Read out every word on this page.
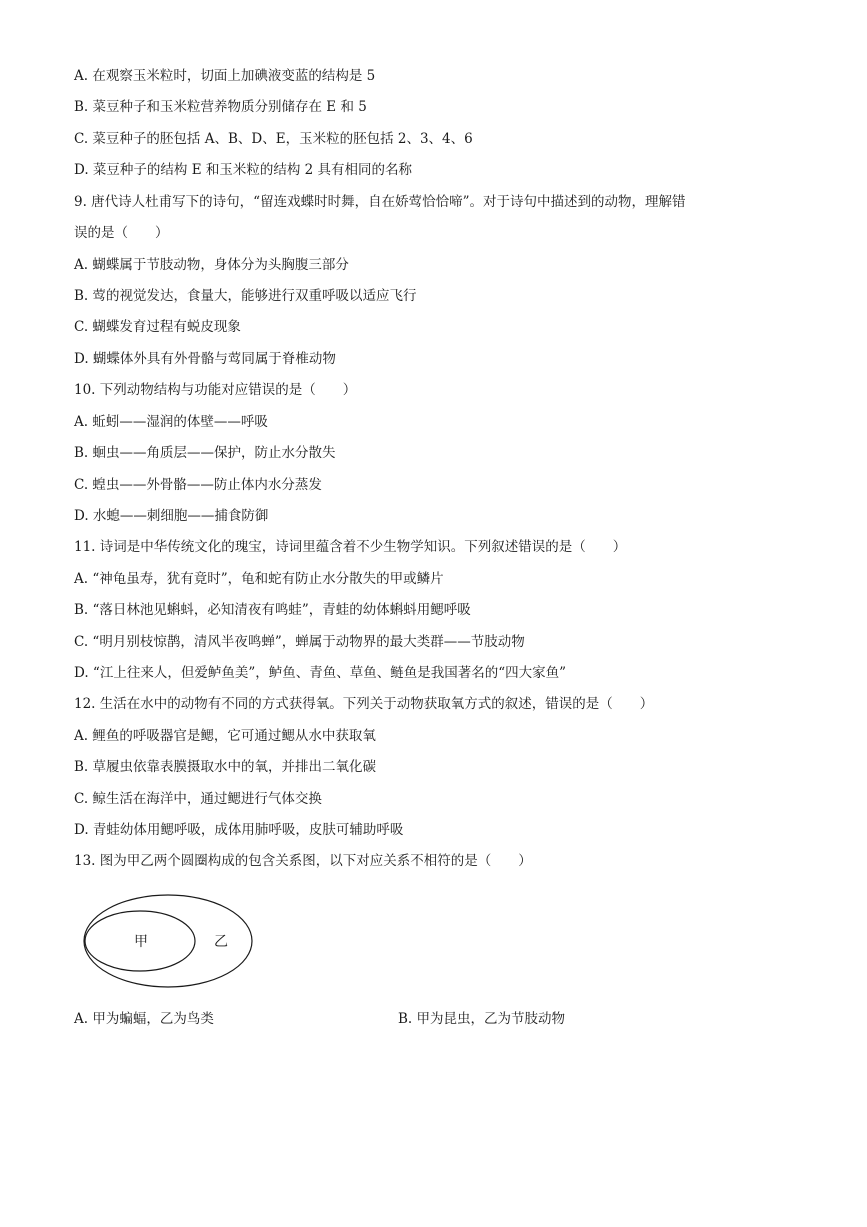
A. 在观察玉米粒时，切面上加碘液变蓝的结构是 5
B. 菜豆种子和玉米粒营养物质分别储存在 E 和 5
C. 菜豆种子的胚包括 A、B、D、E，玉米粒的胚包括 2、3、4、6
D. 菜豆种子的结构 E 和玉米粒的结构 2 具有相同的名称
9. 唐代诗人杜甫写下的诗句，“留连戏蝶时时舞，自在娇莺恰恰啼”。对于诗句中描述到的动物，理解错
误的是（　　）
A. 蝴蝶属于节肢动物，身体分为头胸腹三部分
B. 莺的视觉发达，食量大，能够进行双重呼吸以适应飞行
C. 蝴蝶发育过程有蜕皮现象
D. 蝴蝶体外具有外骨骼与莺同属于脊椎动物
10. 下列动物结构与功能对应错误的是（　　）
A. 蚯蚓——湿润的体壁——呼吸
B. 蛔虫——角质层——保护，防止水分散失
C. 蝗虫——外骨骼——防止体内水分蒸发
D. 水螅——刺细胞——捕食防御
11. 诗词是中华传统文化的瑰宝，诗词里蕴含着不少生物学知识。下列叙述错误的是（　　）
A. “神龟虽寿，犹有竟时”，龟和蛇有防止水分散失的甲或鳞片
B. “落日林池见蝌蚪，必知清夜有鸣蛙”，青蛙的幼体蝌蚪用鳃呼吸
C. “明月别枝惊鹊，清风半夜鸣蝉”，蝉属于动物界的最大类群——节肢动物
D. “江上往来人，但爱鲈鱼美”，鲈鱼、青鱼、草鱼、鲢鱼是我国著名的“四大家鱼”
12. 生活在水中的动物有不同的方式获得氧。下列关于动物获取氧方式的叙述，错误的是（　　）
A. 鲤鱼的呼吸器官是鳃，它可通过鳃从水中获取氧
B. 草履虫依靠表膜摄取水中的氧，并排出二氧化碳
C. 鲸生活在海洋中，通过鳃进行气体交换
D. 青蛙幼体用鳃呼吸，成体用肺呼吸，皮肤可辅助呼吸
13. 图为甲乙两个圆圈构成的包含关系图，以下对应关系不相符的是（　　）
甲	乙
A. 甲为蝙蝠，乙为鸟类	B. 甲为昆虫，乙为节肢动物
